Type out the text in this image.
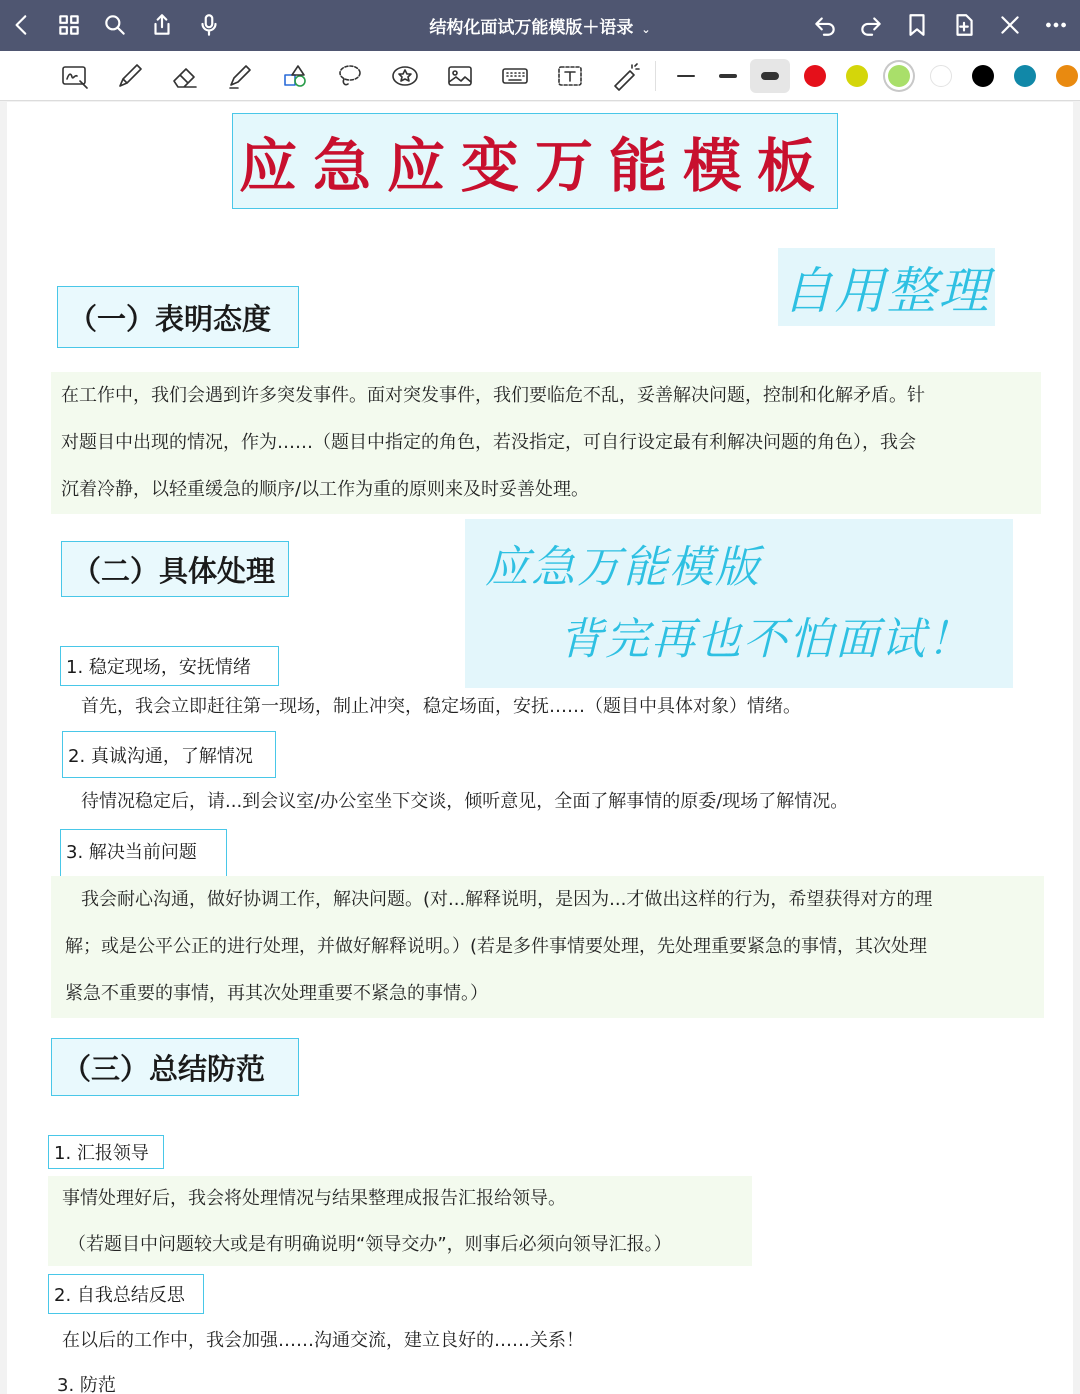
结构化面试万能模版＋语录 ⌄
应急应变万能模板
自用整理
（一）表明态度
在工作中，我们会遇到许多突发事件。面对突发事件，我们要临危不乱，妥善解决问题，控制和化解矛盾。针
对题目中出现的情况，作为……（题目中指定的角色，若没指定，可自行设定最有利解决问题的角色），我会
沉着冷静，以轻重缓急的顺序/以工作为重的原则来及时妥善处理。
（二）具体处理	应急万能模版
背完再也不怕面试！
1. 稳定现场，安抚情绪
首先，我会立即赶往第一现场，制止冲突，稳定场面，安抚……（题目中具体对象）情绪。
2. 真诚沟通，了解情况
待情况稳定后，请...到会议室/办公室坐下交谈，倾听意见，全面了解事情的原委/现场了解情况。
3. 解决当前问题
我会耐心沟通，做好协调工作，解决问题。(对...解释说明，是因为...才做出这样的行为，希望获得对方的理
解；或是公平公正的进行处理，并做好解释说明。）(若是多件事情要处理，先处理重要紧急的事情，其次处理
紧急不重要的事情，再其次处理重要不紧急的事情。）
（三）总结防范
1. 汇报领导
事情处理好后，我会将处理情况与结果整理成报告汇报给领导。
（若题目中问题较大或是有明确说明“领导交办”，则事后必须向领导汇报。）
2. 自我总结反思
在以后的工作中，我会加强……沟通交流，建立良好的……关系！
3. 防范
